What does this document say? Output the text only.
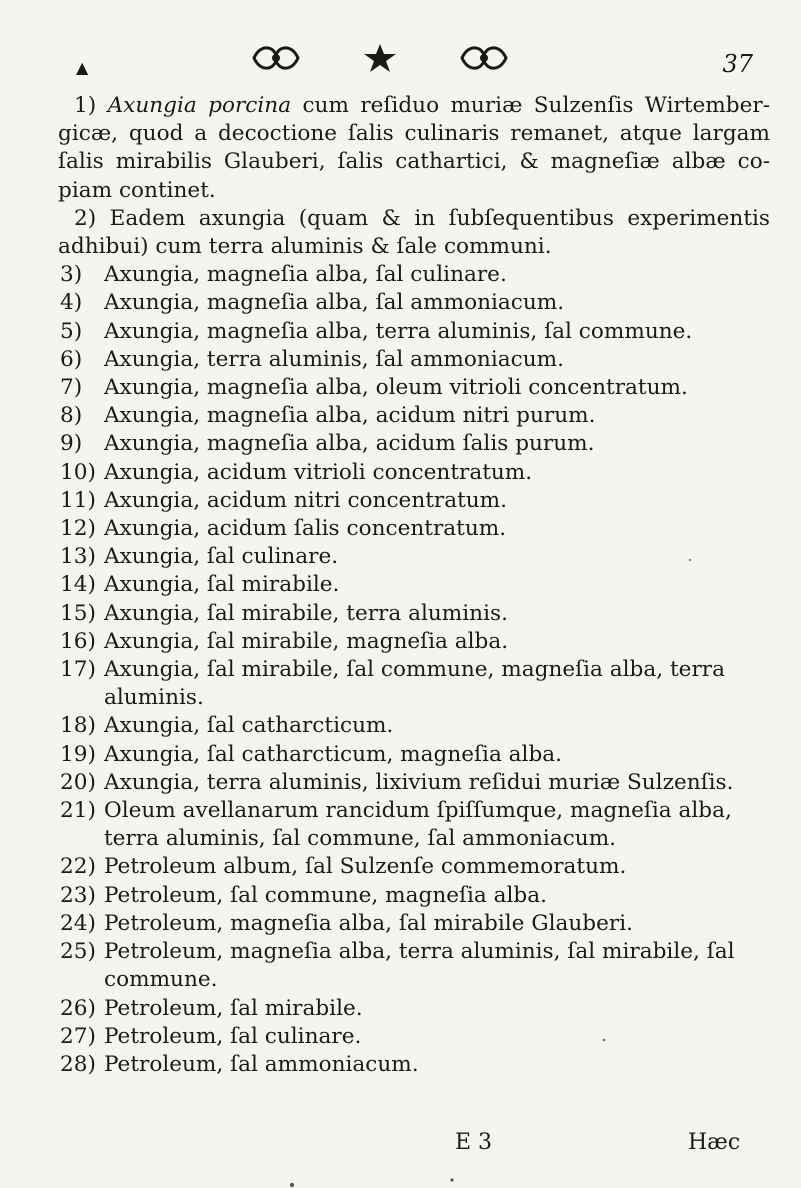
▲	37

1) Axungia porcina cum reſiduo muriæ Sulzenſis Wirtember-gicæ, quod a decoctione ſalis culinaris remanet, atque largam ſalis mirabilis Glauberi, ſalis cathartici, & magneſiæ albæ co-piam continet.

2) Eadem axungia (quam & in ſubſequentibus experimentis adhibui) cum terra aluminis & ſale communi.

3)	Axungia, magneſia alba, ſal culinare.
4)	Axungia, magneſia alba, ſal ammoniacum.
5)	Axungia, magneſia alba, terra aluminis, ſal commune.
6)	Axungia, terra aluminis, ſal ammoniacum.
7)	Axungia, magneſia alba, oleum vitrioli concentratum.
8)	Axungia, magneſia alba, acidum nitri purum.
9)	Axungia, magneſia alba, acidum ſalis purum.
10) Axungia, acidum vitrioli concentratum.
11) Axungia, acidum nitri concentratum.
12) Axungia, acidum ſalis concentratum.
13) Axungia, ſal culinare.
14) Axungia, ſal mirabile.
15) Axungia, ſal mirabile, terra aluminis.
16) Axungia, ſal mirabile, magneſia alba.
17) Axungia, ſal mirabile, ſal commune, magneſia alba, terra aluminis.
18) Axungia, ſal catharcticum.
19) Axungia, ſal catharcticum, magneſia alba.
20) Axungia, terra aluminis, lixivium reſidui muriæ Sulzenſis.
21) Oleum avellanarum rancidum ſpiſſumque, magneſia alba, terra aluminis, ſal commune, ſal ammoniacum.
22) Petroleum album, ſal Sulzenſe commemoratum.
23) Petroleum, ſal commune, magneſia alba.
24) Petroleum, magneſia alba, ſal mirabile Glauberi.
25) Petroleum, magneſia alba, terra aluminis, ſal mirabile, ſal commune.
26) Petroleum, ſal mirabile.
27) Petroleum, ſal culinare.
28) Petroleum, ſal ammoniacum.
E 3	Hæc
